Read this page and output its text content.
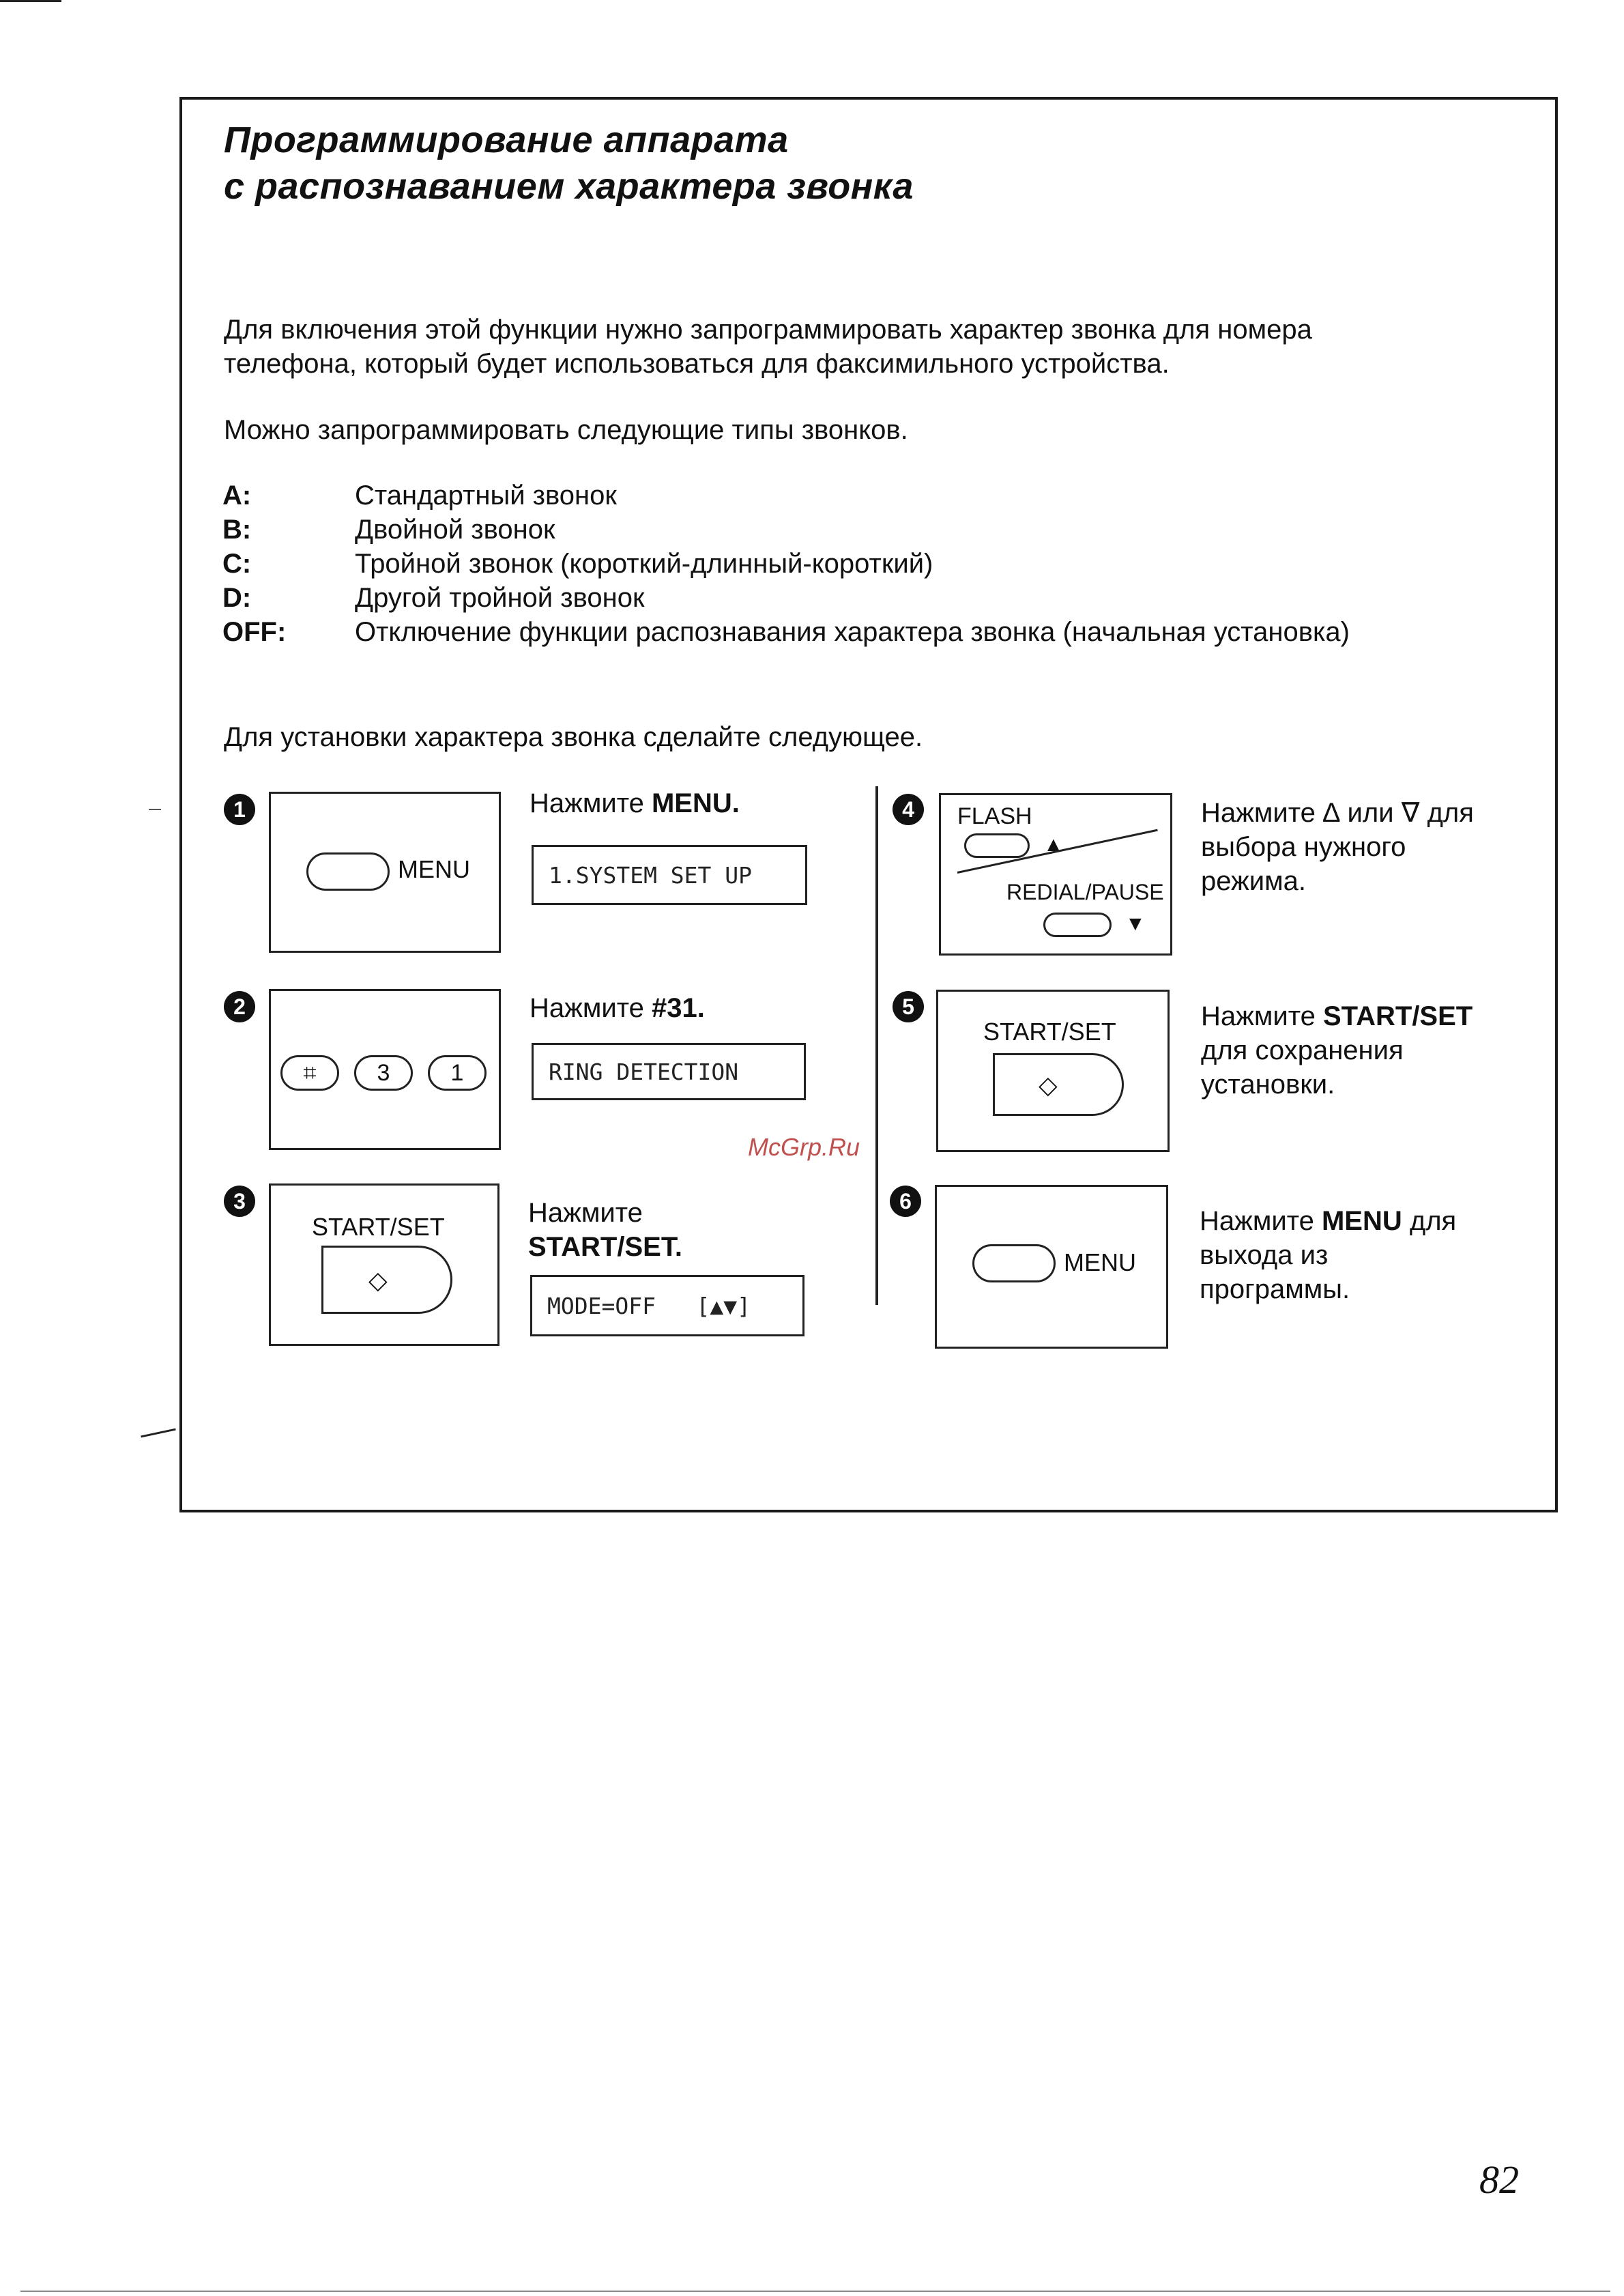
Программирование аппарата
с распознаванием характера звонка
Для включения этой функции нужно запрограммировать характер звонка для номера
телефона, который будет использоваться для факсимильного устройства.
Можно запрограммировать следующие типы звонков.
A:	Стандартный звонок
B:	Двойной звонок
C:	Тройной звонок (короткий-длинный-короткий)
D:	Другой тройной звонок
OFF:	Отключение функции распознавания характера звонка (начальная установка)
Для установки характера звонка сделайте следующее.
1
MENU
Нажмите MENU.
1.SYSTEM SET UP
2
⌗	3	1
Нажмите #31.
RING DETECTION
3
START/SET
◇
Нажмите
START/SET.
MODE=OFF   [▲▼]
4	FLASH
▲
REDIAL/PAUSE
▼
Нажмите ∆ или ∇ для
выбора нужного
режима.
5
START/SET
◇
Нажмите START/SET
для сохранения
установки.
6
MENU
Нажмите MENU для
выхода из
программы.
McGrp.Ru
82
